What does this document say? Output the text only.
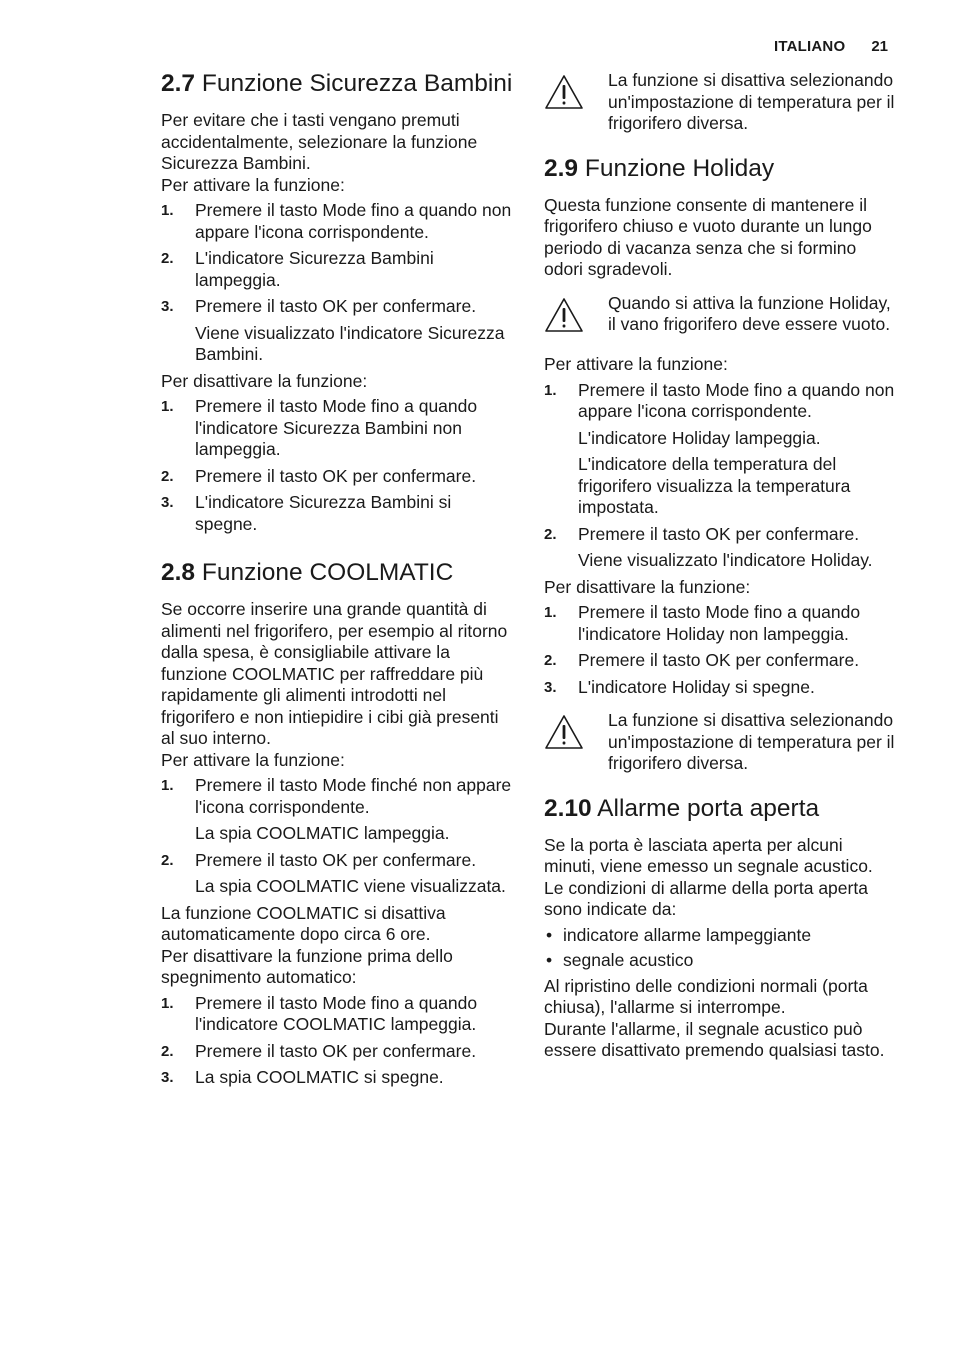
ITALIANO 21
2.7 Funzione Sicurezza Bambini

Per evitare che i tasti vengano premuti accidentalmente, selezionare la funzione Sicurezza Bambini.

Per attivare la funzione:

1. Premere il tasto Mode fino a quando non appare l'icona corrispondente.
2. L'indicatore Sicurezza Bambini lampeggia.
3. Premere il tasto OK per confermare.

Viene visualizzato l'indicatore Sicurezza Bambini.

Per disattivare la funzione:

1. Premere il tasto Mode fino a quando l'indicatore Sicurezza Bambini non lampeggia.
2. Premere il tasto OK per confermare.
3. L'indicatore Sicurezza Bambini si spegne.
2.8 Funzione COOLMATIC

Se occorre inserire una grande quantità di alimenti nel frigorifero, per esempio al ritorno dalla spesa, è consigliabile attivare la funzione COOLMATIC per raffreddare più rapidamente gli alimenti introdotti nel frigorifero e non intiepidire i cibi già presenti al suo interno.

Per attivare la funzione:

1. Premere il tasto Mode finché non appare l'icona corrispondente.

La spia COOLMATIC lampeggia.

2. Premere il tasto OK per confermare.

La spia COOLMATIC viene visualizzata.

La funzione COOLMATIC si disattiva automaticamente dopo circa 6 ore.

Per disattivare la funzione prima dello spegnimento automatico:

1. Premere il tasto Mode fino a quando l'indicatore COOLMATIC lampeggia.
2. Premere il tasto OK per confermare.
3. La spia COOLMATIC si spegne.

La funzione si disattiva selezionando un'impostazione di temperatura per il frigorifero diversa.

2.9 Funzione Holiday

Questa funzione consente di mantenere il frigorifero chiuso e vuoto durante un lungo periodo di vacanza senza che si formino odori sgradevoli.

Quando si attiva la funzione Holiday, il vano frigorifero deve essere vuoto.

Per attivare la funzione:

1. Premere il tasto Mode fino a quando non appare l'icona corrispondente.

L'indicatore Holiday lampeggia.

L'indicatore della temperatura del frigorifero visualizza la temperatura impostata.

2. Premere il tasto OK per confermare.

Viene visualizzato l'indicatore Holiday.

Per disattivare la funzione:

1. Premere il tasto Mode fino a quando l'indicatore Holiday non lampeggia.
2. Premere il tasto OK per confermare.
3. L'indicatore Holiday si spegne.

La funzione si disattiva selezionando un'impostazione di temperatura per il frigorifero diversa.

2.10 Allarme porta aperta

Se la porta è lasciata aperta per alcuni minuti, viene emesso un segnale acustico. Le condizioni di allarme della porta aperta sono indicate da:

• indicatore allarme lampeggiante
• segnale acustico

Al ripristino delle condizioni normali (porta chiusa), l'allarme si interrompe.

Durante l'allarme, il segnale acustico può essere disattivato premendo qualsiasi tasto.
